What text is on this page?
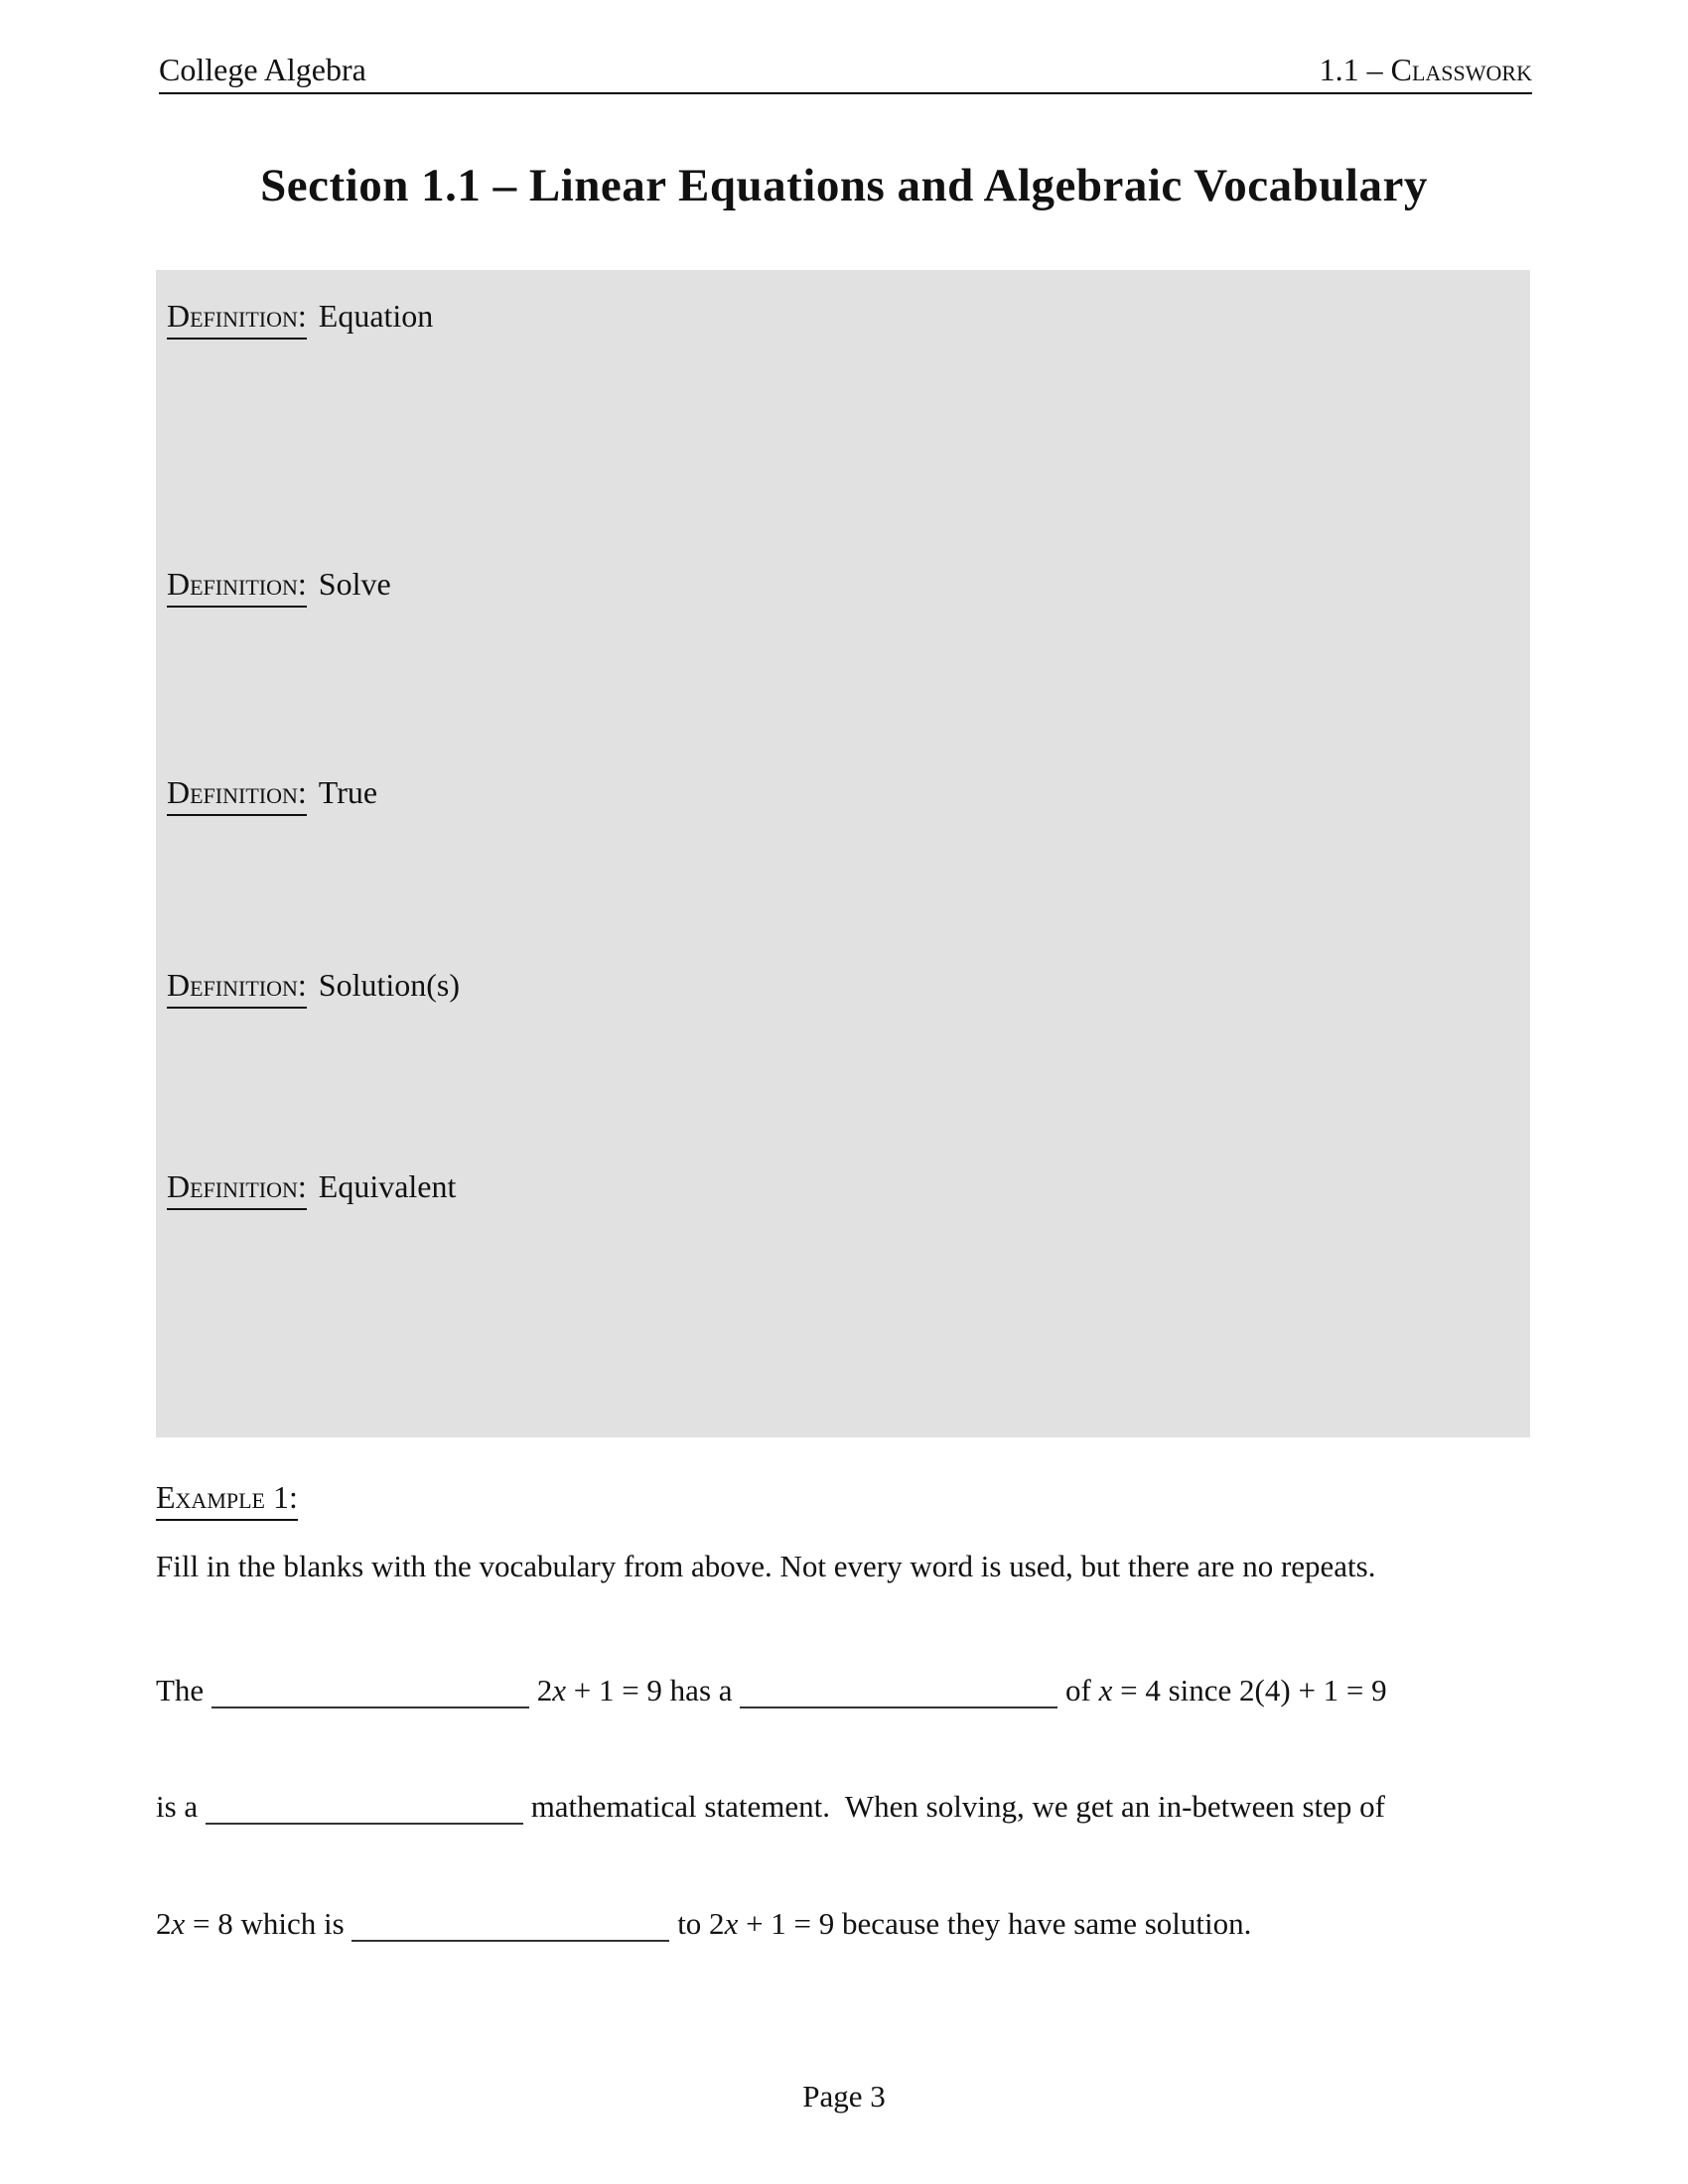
College Algebra	1.1 – Classwork
Section 1.1 – Linear Equations and Algebraic Vocabulary
Definition: Equation
Definition: Solve
Definition: True
Definition: Solution(s)
Definition: Equivalent
Example 1:
Fill in the blanks with the vocabulary from above. Not every word is used, but there are no repeats.
The	2x + 1 = 9 has a	of x = 4 since 2(4) + 1 = 9
is a	mathematical statement.  When solving, we get an in-between step of
2x = 8 which is	to 2x + 1 = 9 because they have same solution.
Page 3
